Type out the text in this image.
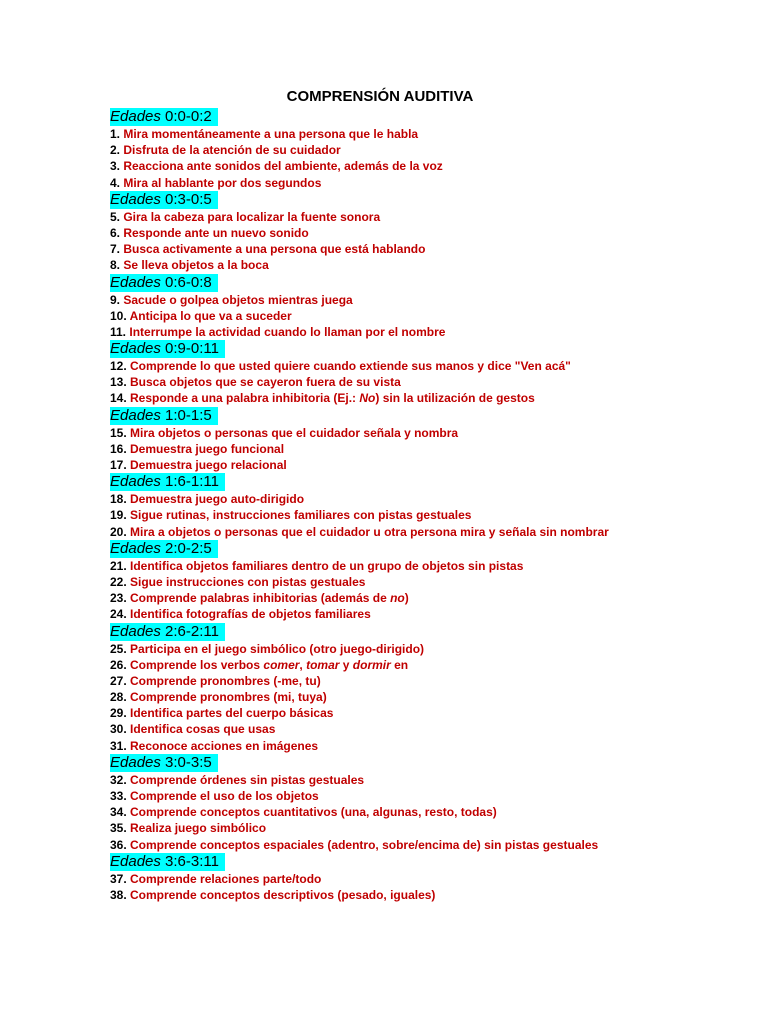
COMPRENSIÓN AUDITIVA
Edades 0:0-0:2
1. Mira momentáneamente a una persona que le habla
2. Disfruta de la atención de su cuidador
3. Reacciona ante sonidos del ambiente, además de la voz
4. Mira al hablante por dos segundos
Edades 0:3-0:5
5. Gira la cabeza para localizar la fuente sonora
6. Responde ante un nuevo sonido
7. Busca activamente a una persona que está hablando
8. Se lleva objetos a la boca
Edades 0:6-0:8
9. Sacude o golpea objetos mientras juega
10. Anticipa lo que va a suceder
11. Interrumpe la actividad cuando lo llaman por el nombre
Edades 0:9-0:11
12. Comprende lo que usted quiere cuando extiende sus manos y dice "Ven acá"
13. Busca objetos que se cayeron fuera de su vista
14. Responde a una palabra inhibitoria (Ej.: No) sin la utilización de gestos
Edades 1:0-1:5
15. Mira objetos o personas que el cuidador señala y nombra
16. Demuestra juego funcional
17. Demuestra juego relacional
Edades 1:6-1:11
18. Demuestra juego auto-dirigido
19. Sigue rutinas, instrucciones familiares con pistas gestuales
20. Mira a objetos o personas que el cuidador u otra persona mira y señala sin nombrar
Edades 2:0-2:5
21. Identifica objetos familiares dentro de un grupo de objetos sin pistas
22. Sigue instrucciones con pistas gestuales
23. Comprende palabras inhibitorias (además de no)
24. Identifica fotografías de objetos familiares
Edades 2:6-2:11
25. Participa en el juego simbólico (otro juego-dirigido)
26. Comprende los verbos comer, tomar y dormir en
27. Comprende pronombres (-me, tu)
28. Comprende pronombres (mi, tuya)
29. Identifica partes del cuerpo básicas
30. Identifica cosas que usas
31. Reconoce acciones en imágenes
Edades 3:0-3:5
32. Comprende órdenes sin pistas gestuales
33. Comprende el uso de los objetos
34. Comprende conceptos cuantitativos (una, algunas, resto, todas)
35. Realiza juego simbólico
36. Comprende conceptos espaciales (adentro, sobre/encima de) sin pistas gestuales
Edades 3:6-3:11
37. Comprende relaciones parte/todo
38. Comprende conceptos descriptivos (pesado, iguales)
